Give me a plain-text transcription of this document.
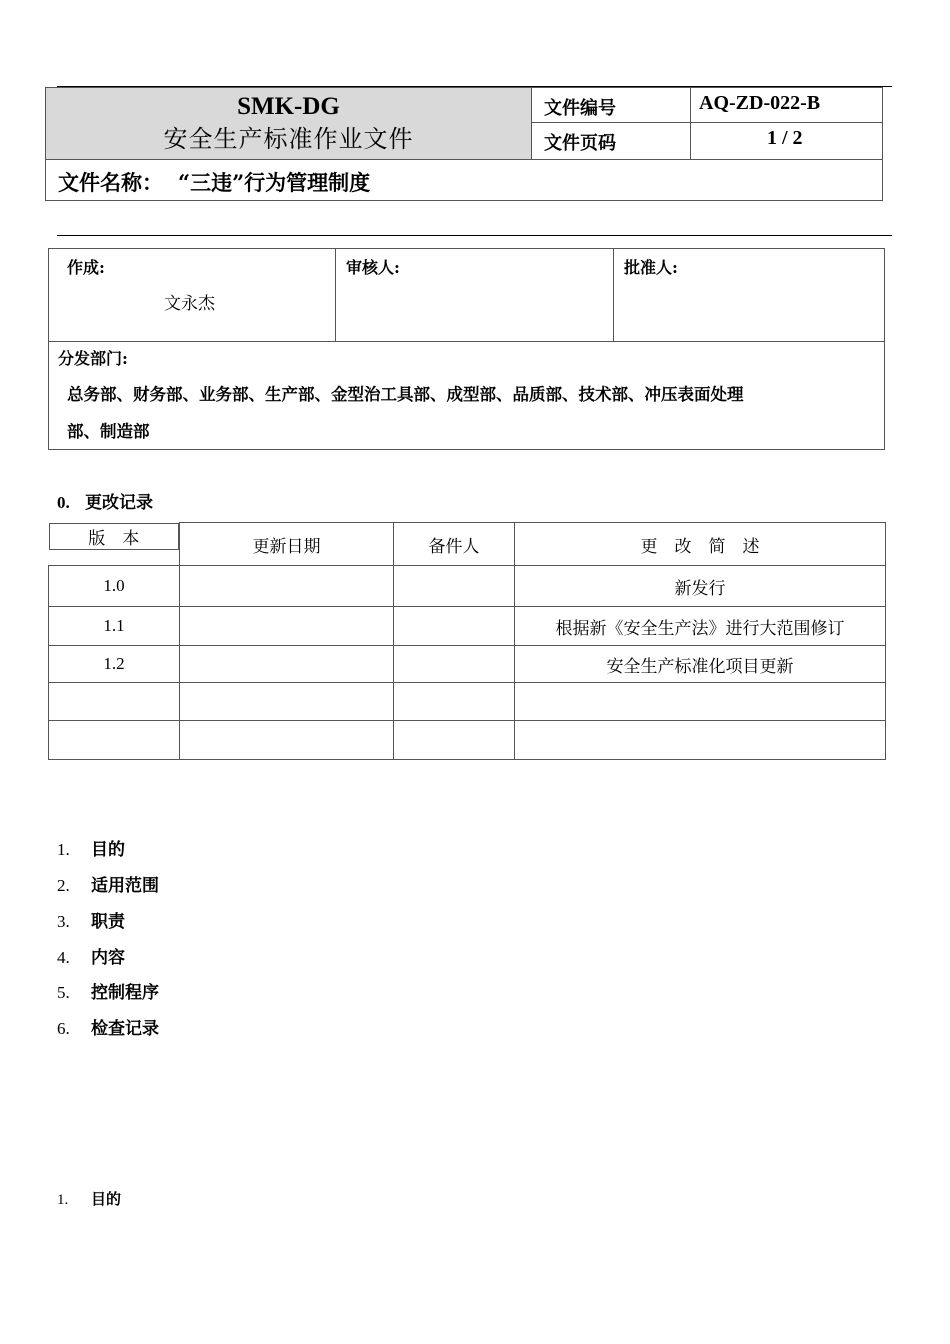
SMK-DG
安全生产标准作业文件
文件编号	AQ-ZD-022-B
文件页码	1 / 2
文件名称： “三违”行为管理制度
作成:
文永杰
审核人:	批准人:
分发部门:
总务部、财务部、业务部、生产部、金型治工具部、成型部、品质部、技术部、冲压表面处理
部、制造部
0. 更改记录
版　本	更新日期	备件人	更　改　简　述
1.0			新发行
1.1			根据新《安全生产法》进行大范围修订
1.2			安全生产标准化项目更新

1. 目的
2. 适用范围
3. 职责
4. 内容
5. 控制程序
6. 检查记录
1. 目的
